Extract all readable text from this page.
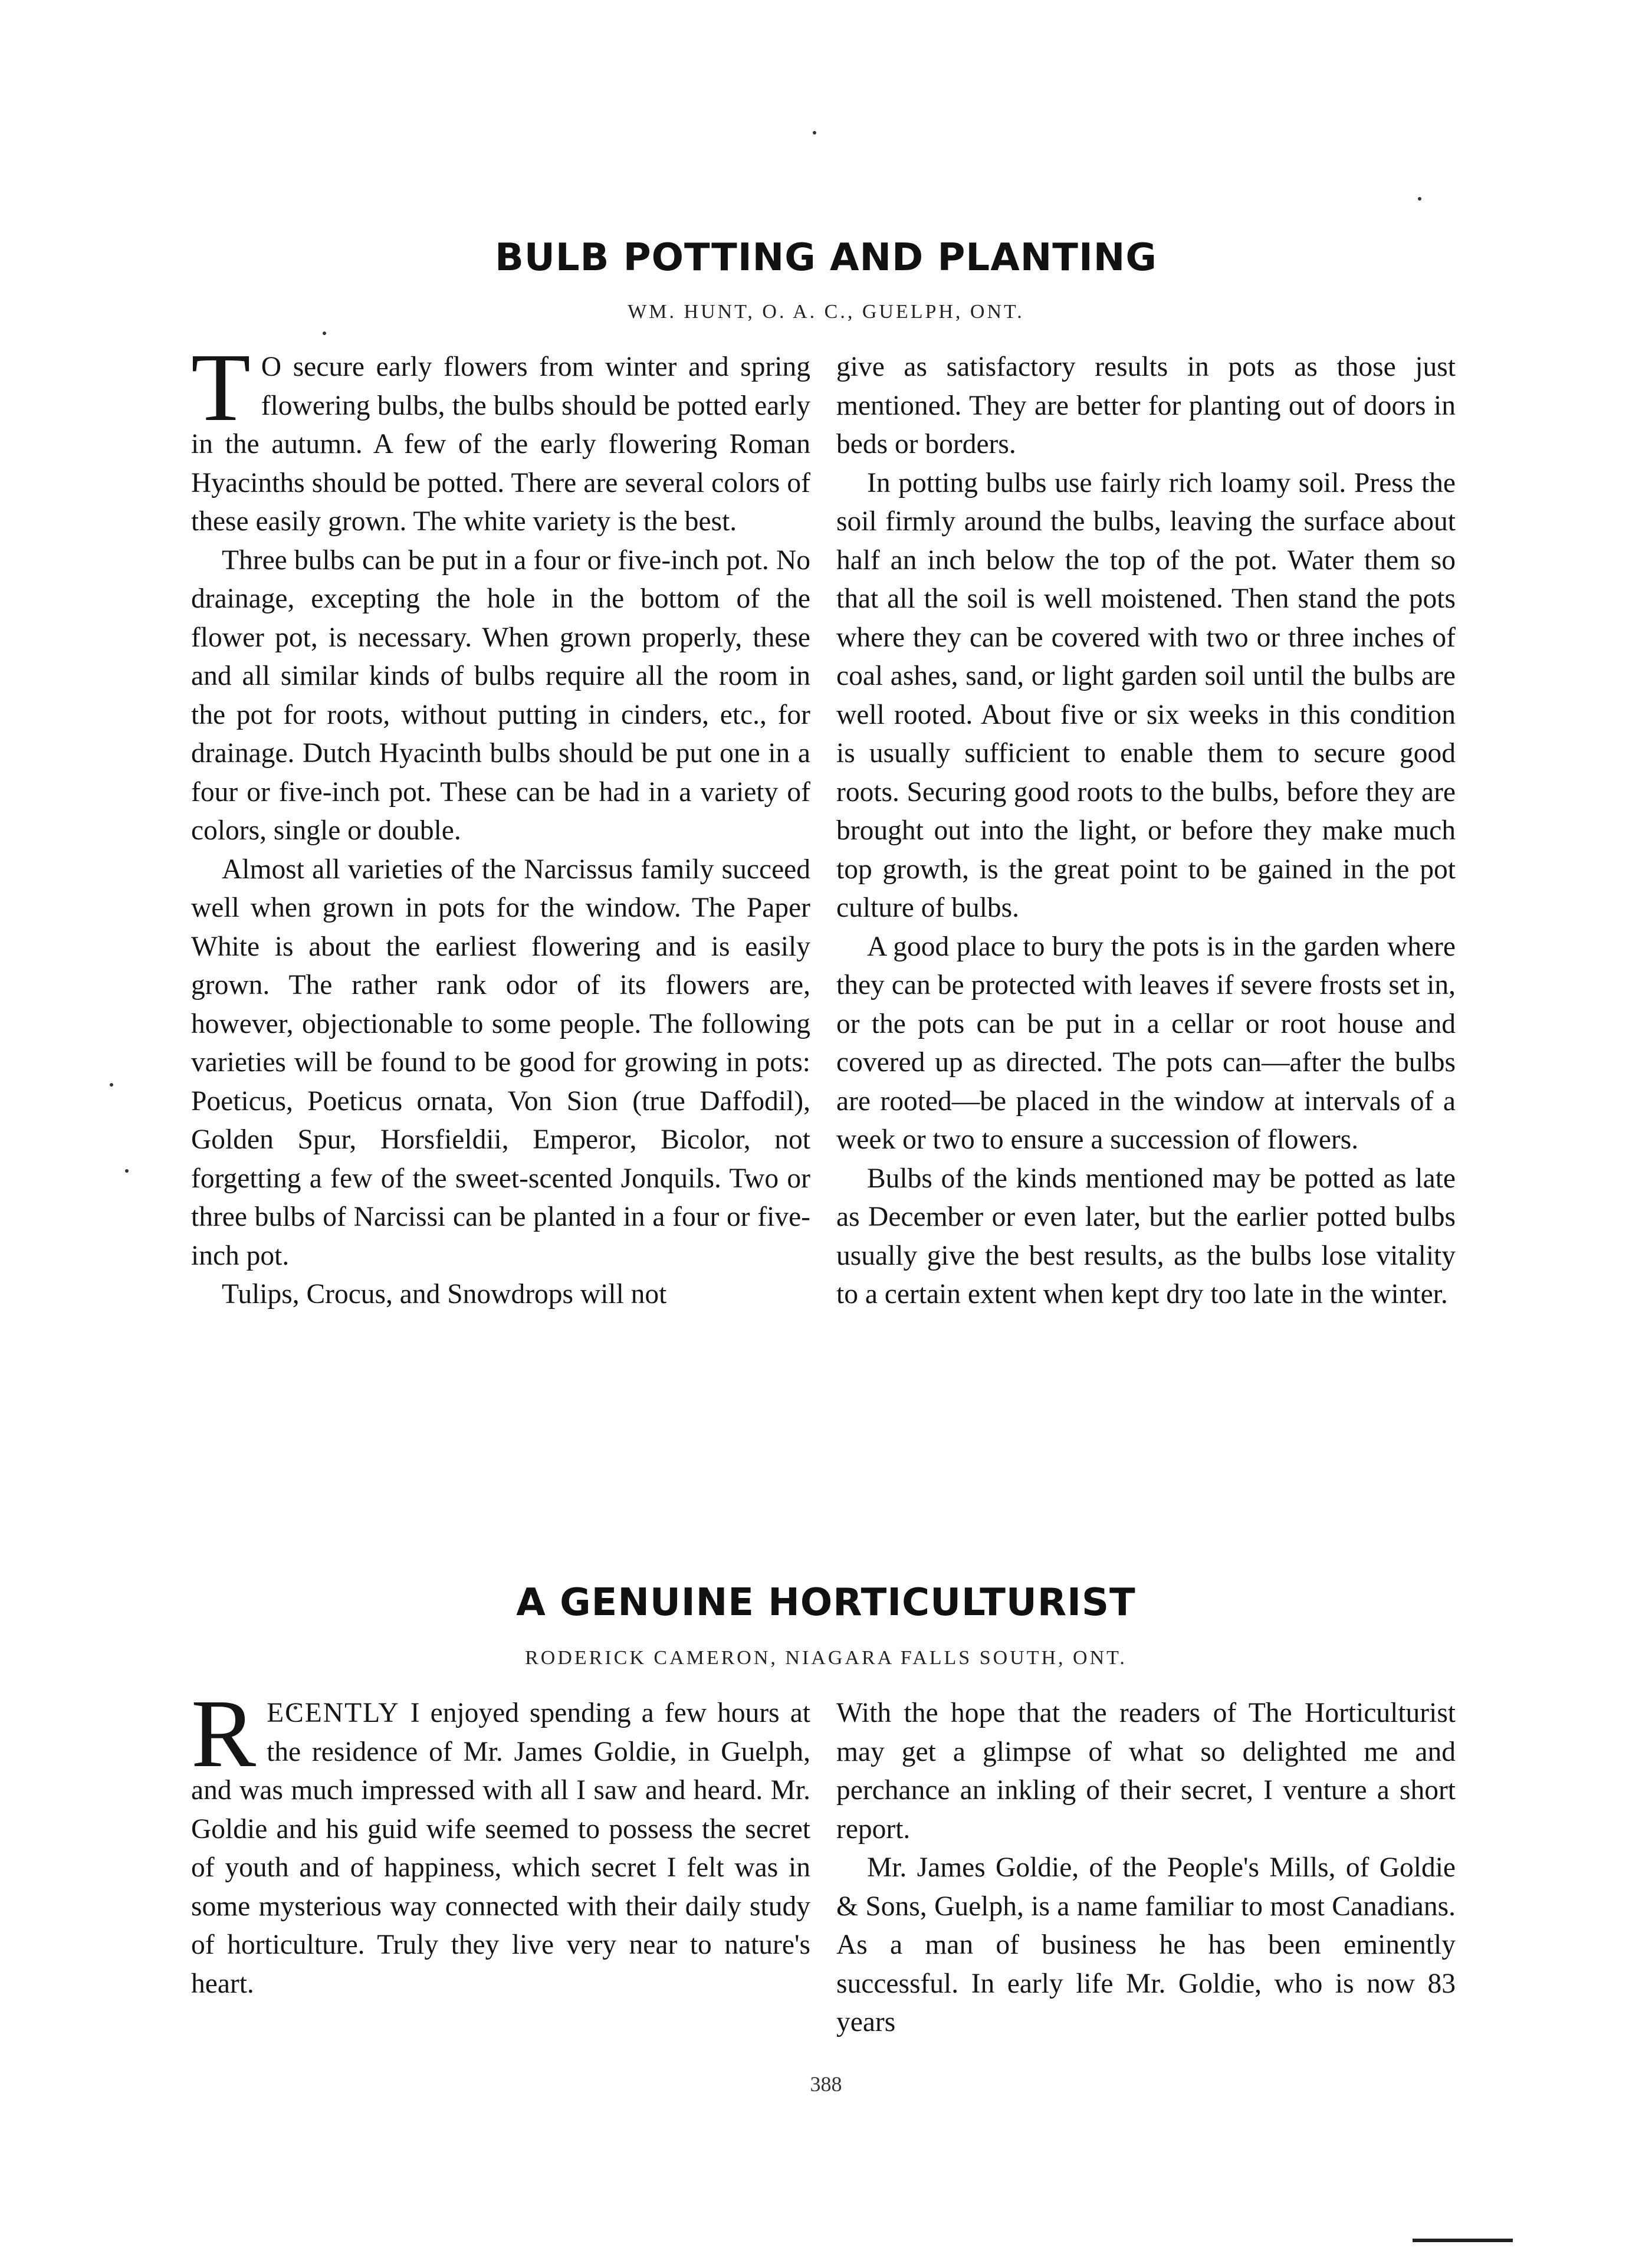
BULB POTTING AND PLANTING
WM. HUNT, O. A. C., GUELPH, ONT.

T O secure early flowers from winter and spring flowering bulbs, the bulbs should be potted early in the autumn. A few of the early flowering Roman Hyacinths should be potted. There are several colors of these easily grown. The white variety is the best.

Three bulbs can be put in a four or five-inch pot. No drainage, excepting the hole in the bottom of the flower pot, is necessary. When grown properly, these and all similar kinds of bulbs require all the room in the pot for roots, without putting in cinders, etc., for drainage. Dutch Hyacinth bulbs should be put one in a four or five-inch pot. These can be had in a variety of colors, single or double.

Almost all varieties of the Narcissus family succeed well when grown in pots for the window. The Paper White is about the earliest flowering and is easily grown. The rather rank odor of its flowers are, however, objectionable to some people. The following varieties will be found to be good for growing in pots: Poeticus, Poeticus ornata, Von Sion (true Daffodil), Golden Spur, Horsfieldii, Emperor, Bicolor, not forgetting a few of the sweet-scented Jonquils. Two or three bulbs of Narcissi can be planted in a four or five-inch pot.

Tulips, Crocus, and Snowdrops will not

give as satisfactory results in pots as those just mentioned. They are better for planting out of doors in beds or borders.

In potting bulbs use fairly rich loamy soil. Press the soil firmly around the bulbs, leaving the surface about half an inch below the top of the pot. Water them so that all the soil is well moistened. Then stand the pots where they can be covered with two or three inches of coal ashes, sand, or light garden soil until the bulbs are well rooted. About five or six weeks in this condition is usually sufficient to enable them to secure good roots. Securing good roots to the bulbs, before they are brought out into the light, or before they make much top growth, is the great point to be gained in the pot culture of bulbs.

A good place to bury the pots is in the garden where they can be protected with leaves if severe frosts set in, or the pots can be put in a cellar or root house and covered up as directed. The pots can—after the bulbs are rooted—be placed in the window at intervals of a week or two to ensure a succession of flowers.

Bulbs of the kinds mentioned may be potted as late as December or even later, but the earlier potted bulbs usually give the best results, as the bulbs lose vitality to a certain extent when kept dry too late in the winter.

A GENUINE HORTICULTURIST
RODERICK CAMERON, NIAGARA FALLS SOUTH, ONT.

RECENTLY I enjoyed spending a few hours at the residence of Mr. James Goldie, in Guelph, and was much impressed with all I saw and heard. Mr. Goldie and his guid wife seemed to possess the secret of youth and of happiness, which secret I felt was in some mysterious way connected with their daily study of horticulture. Truly they live very near to nature's heart.

With the hope that the readers of The Horticulturist may get a glimpse of what so delighted me and perchance an inkling of their secret, I venture a short report.

Mr. James Goldie, of the People's Mills, of Goldie & Sons, Guelph, is a name familiar to most Canadians. As a man of business he has been eminently successful. In early life Mr. Goldie, who is now 83 years

388
